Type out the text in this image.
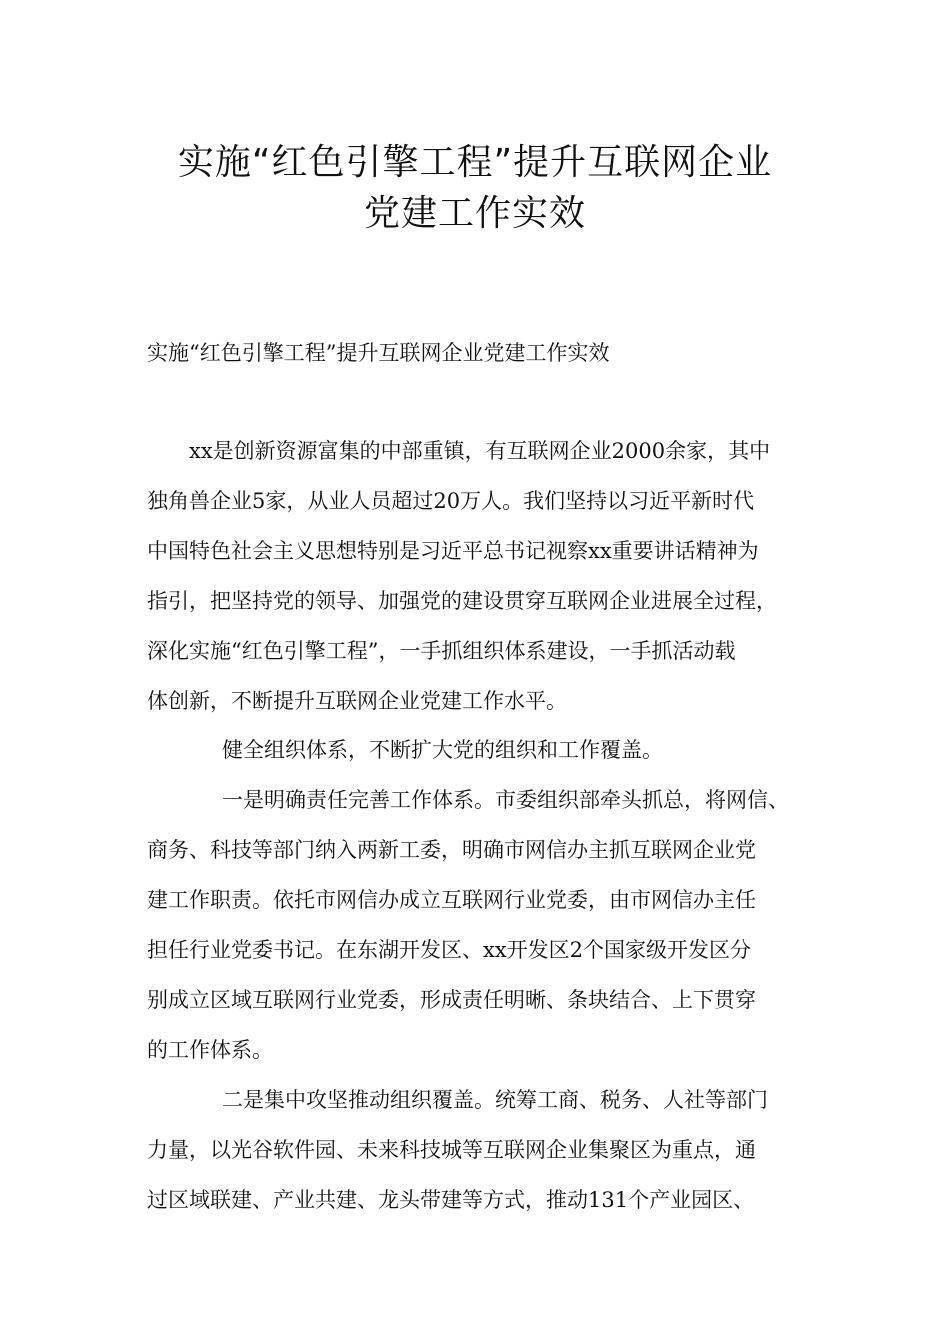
实施“红色引擎工程”提升互联网企业
党建工作实效

实施“红色引擎工程”提升互联网企业党建工作实效

xx是创新资源富集的中部重镇，有互联网企业2000余家，其中

独角兽企业5家，从业人员超过20万人。我们坚持以习近平新时代

中国特色社会主义思想特别是习近平总书记视察xx重要讲话精神为

指引，把坚持党的领导、加强党的建设贯穿互联网企业进展全过程，

深化实施“红色引擎工程”，一手抓组织体系建设，一手抓活动载

体创新，不断提升互联网企业党建工作水平。

健全组织体系，不断扩大党的组织和工作覆盖。

一是明确责任完善工作体系。市委组织部牵头抓总，将网信、

商务、科技等部门纳入两新工委，明确市网信办主抓互联网企业党

建工作职责。依托市网信办成立互联网行业党委，由市网信办主任

担任行业党委书记。在东湖开发区、xx开发区2个国家级开发区分

别成立区域互联网行业党委，形成责任明晰、条块结合、上下贯穿

的工作体系。

二是集中攻坚推动组织覆盖。统筹工商、税务、人社等部门

力量，以光谷软件园、未来科技城等互联网企业集聚区为重点，通

过区域联建、产业共建、龙头带建等方式，推动131个产业园区、
